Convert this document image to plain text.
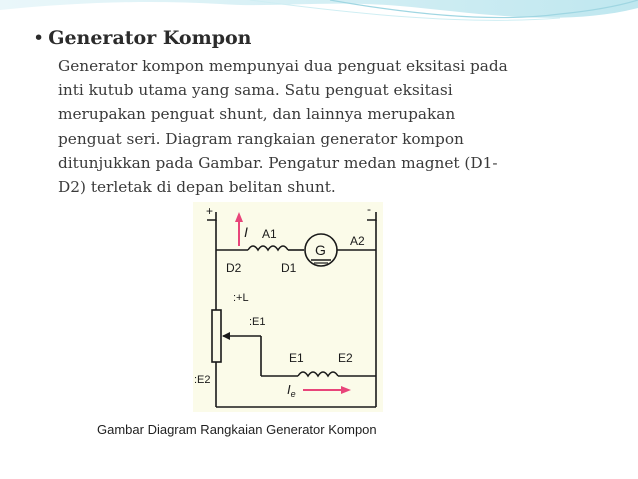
• Generator Kompon
Generator kompon mempunyai dua penguat eksitasi pada
inti kutub utama yang sama. Satu penguat eksitasi
merupakan penguat shunt, dan lainnya merupakan
penguat seri. Diagram rangkaian generator kompon
ditunjukkan pada Gambar. Pengatur medan magnet (D1-
D2) terletak di depan belitan shunt.
+	-
I A1	A2
G
D2	D1
:+L
:E1
:E2
E1	E2
$I_e$
Gambar Diagram Rangkaian Generator Kompon
